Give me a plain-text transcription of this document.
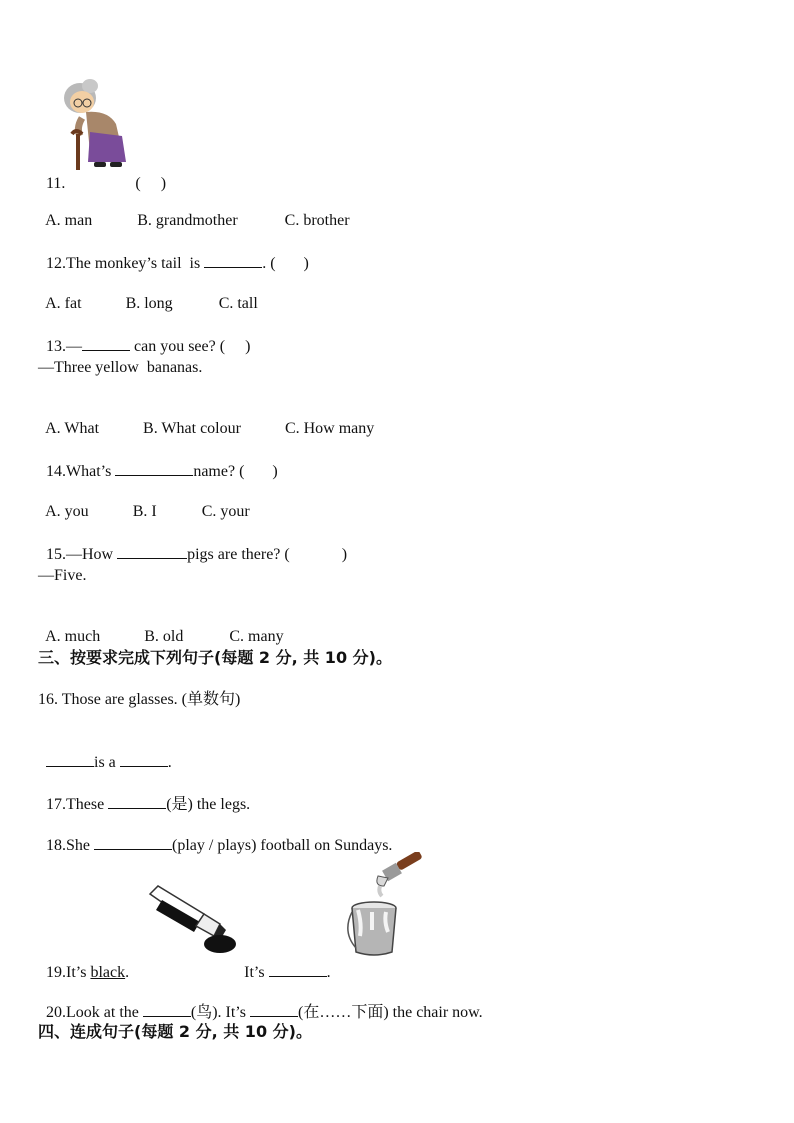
11.	(     )

A. man	B. grandmother	C. brother

12.The monkey’s tail  is	. (       )

A. fat	B. long	C. tall

13.—	can you see? (     )

—Three yellow  bananas.

A. What	B. What colour	C. How many

14.What’s	name? (       )

A. you	B. I	C. your

15.—How	pigs are there? (             )

—Five.

A. much	B. old	C. many

三、按要求完成下列句子(每题 2 分, 共 10 分)。
16. Those are glasses. (单数句)

is a	.

17.These	(是) the legs.

18.She	(play / plays) football on Sundays.

19.It’s black.	It’s	.

20.Look at the	(鸟). It’s	(在……下面) the chair now.

四、连成句子(每题 2 分, 共 10 分)。
